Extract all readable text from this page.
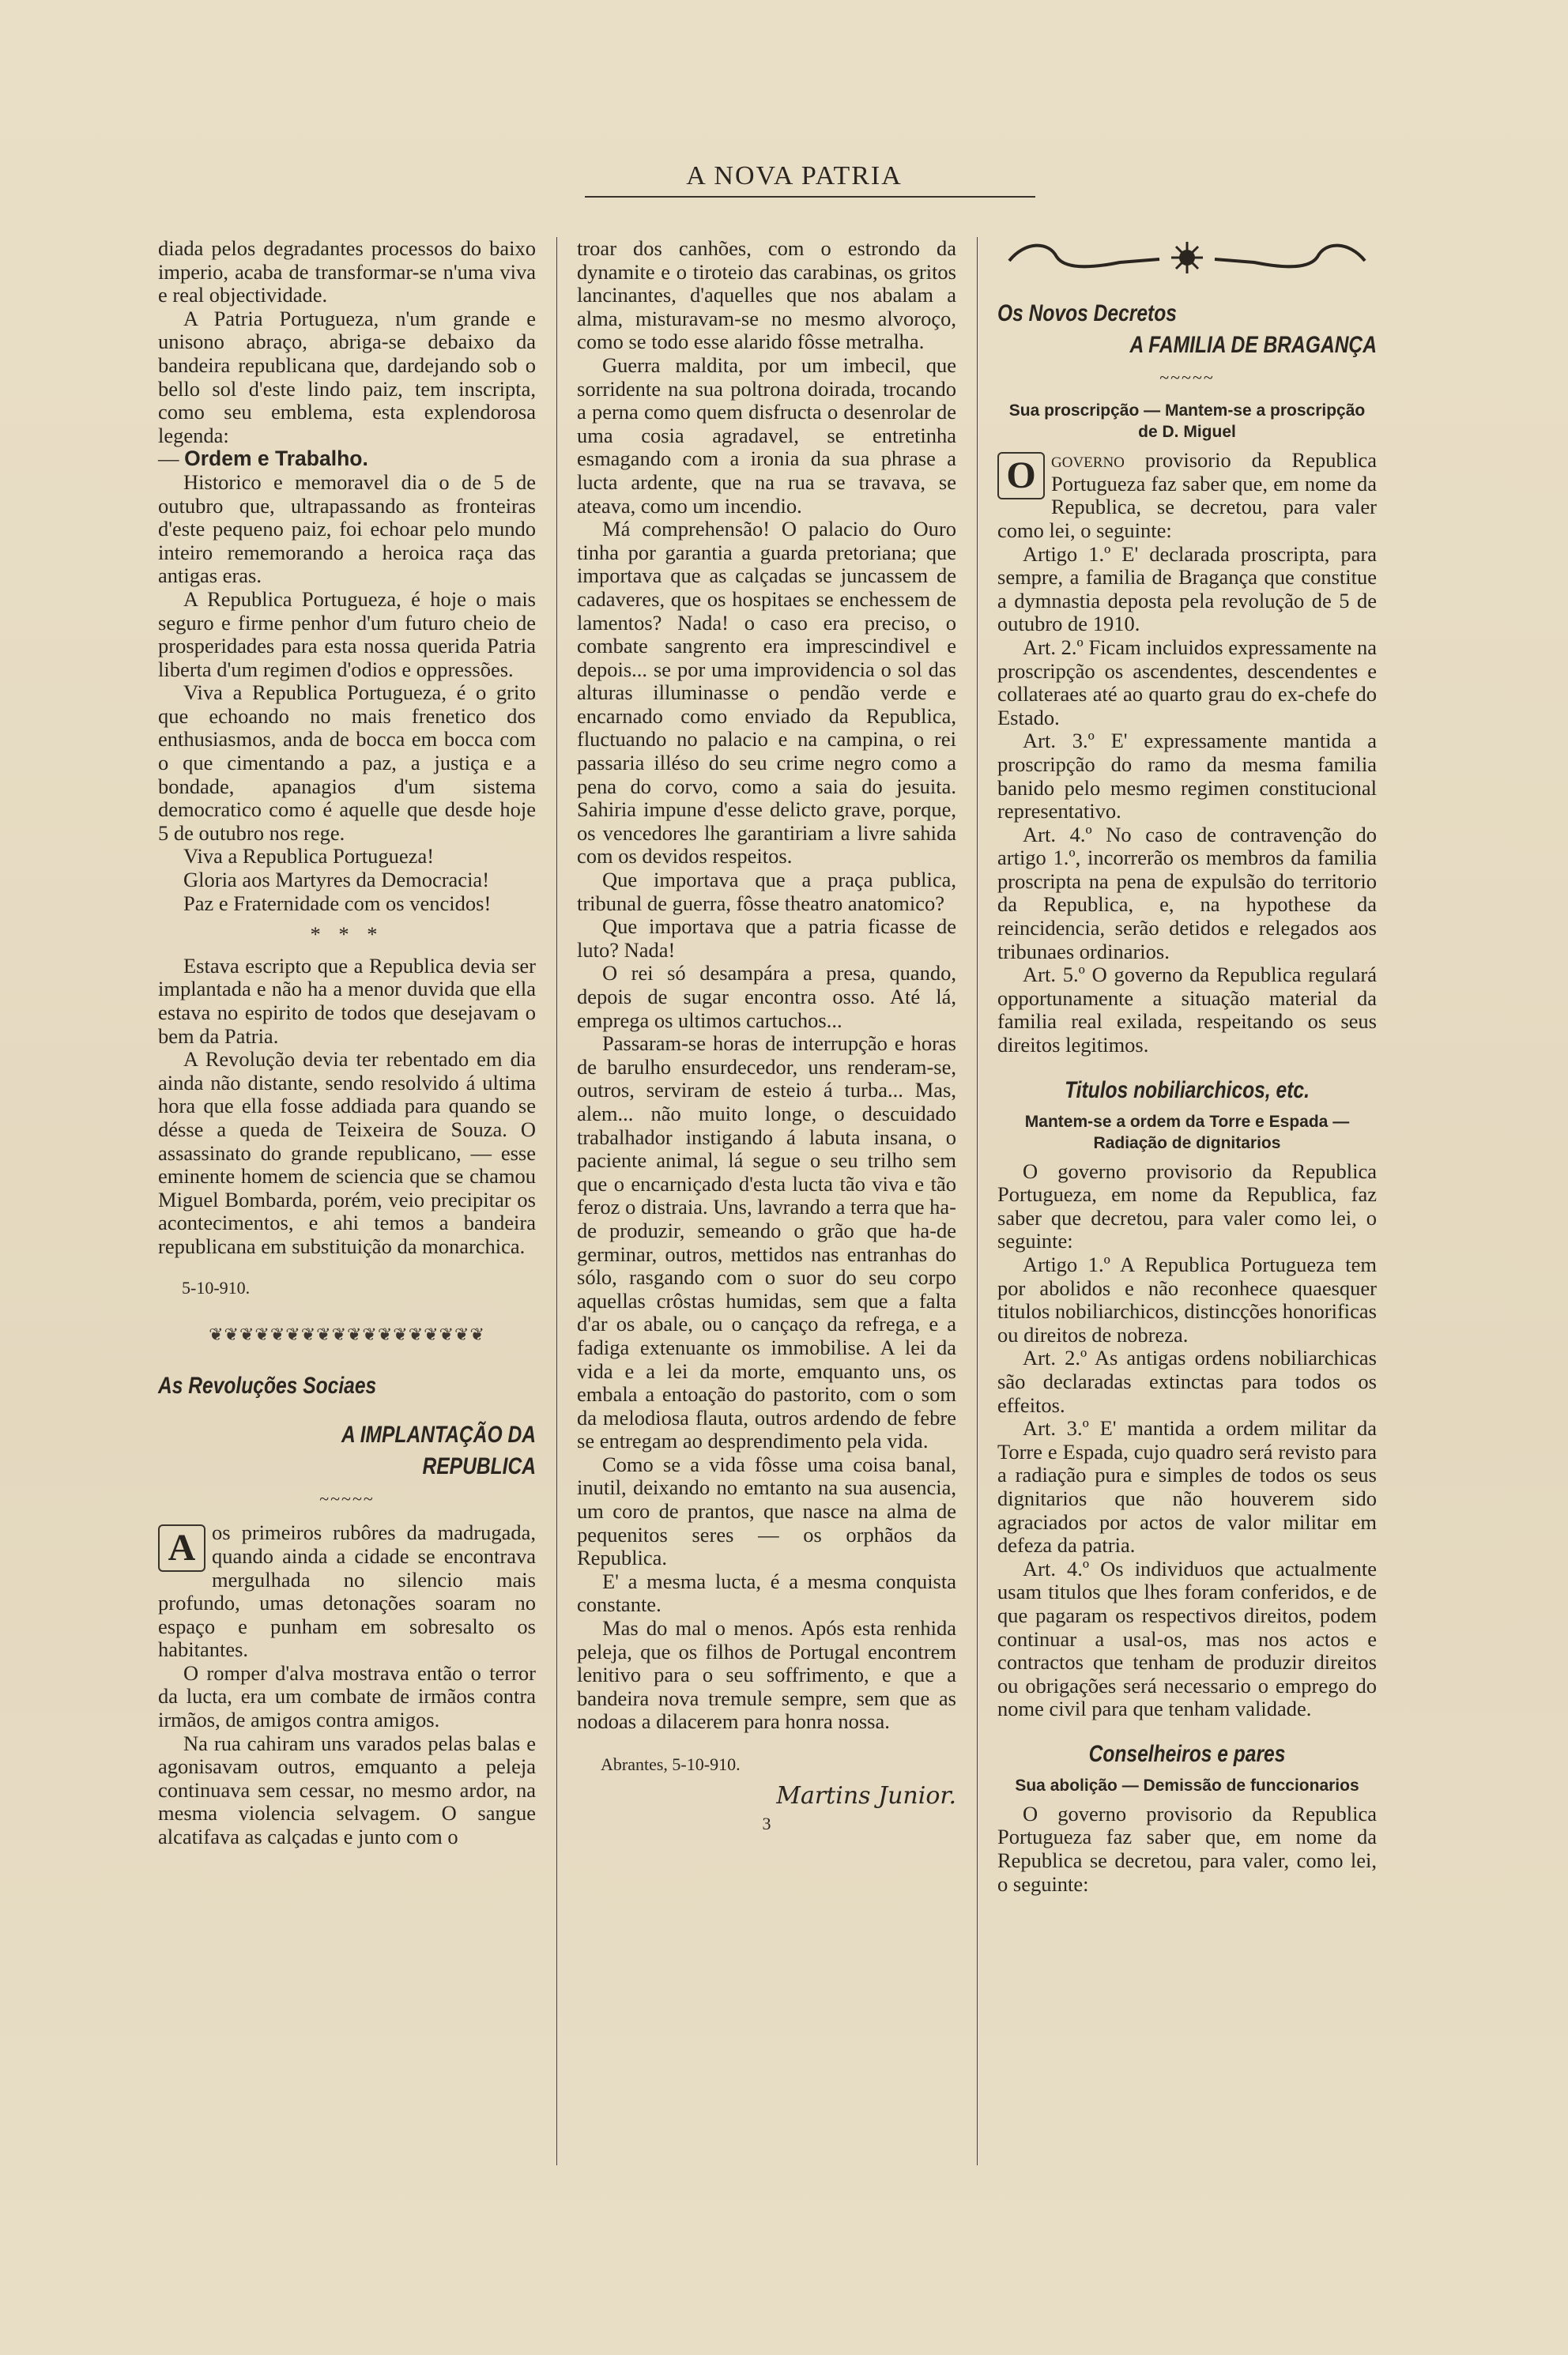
A NOVA PATRIA

diada pelos degradantes processos do baixo imperio, acaba de transformar-se n'uma viva e real objectividade.

A Patria Portugueza, n'um grande e unisono abraço, abriga-se debaixo da bandeira republicana que, dardejando sob o bello sol d'este lindo paiz, tem inscripta, como seu emblema, esta explendorosa legenda:

— Ordem e Trabalho.

Historico e memoravel dia o de 5 de outubro que, ultrapassando as fronteiras d'este pequeno paiz, foi echoar pelo mundo inteiro rememorando a heroica raça das antigas eras.

A Republica Portugueza, é hoje o mais seguro e firme penhor d'um futuro cheio de prosperidades para esta nossa querida Patria liberta d'um regimen d'odios e oppressões.

Viva a Republica Portugueza, é o grito que echoando no mais frenetico dos enthusiasmos, anda de bocca em bocca com o que cimentando a paz, a justiça e a bondade, apanagios d'um sistema democratico como é aquelle que desde hoje 5 de outubro nos rege.

Viva a Republica Portugueza!

Gloria aos Martyres da Democracia!

Paz e Fraternidade com os vencidos!

* * *

Estava escripto que a Republica devia ser implantada e não ha a menor duvida que ella estava no espirito de todos que desejavam o bem da Patria.

A Revolução devia ter rebentado em dia ainda não distante, sendo resolvido á ultima hora que ella fosse addiada para quando se désse a queda de Teixeira de Souza. O assassinato do grande republicano, — esse eminente homem de sciencia que se chamou Miguel Bombarda, porém, veio precipitar os acontecimentos, e ahi temos a bandeira republicana em substituição da monarchica.

5-10-910.
❦❦❦❦❦❦❦❦❦❦❦❦❦❦❦❦❦❦
As Revoluções Sociaes
A IMPLANTAÇÃO DA REPUBLICA
~~~~~
A os primeiros rubôres da madrugada, quando ainda a cidade se encontrava mergulhada no silencio mais profundo, umas detonações soaram no espaço e punham em sobresalto os habitantes.

O romper d'alva mostrava então o terror da lucta, era um combate de irmãos contra irmãos, de amigos contra amigos.

Na rua cahiram uns varados pelas balas e agonisavam outros, emquanto a peleja continuava sem cessar, no mesmo ardor, na mesma violencia selvagem. O sangue alcatifava as calçadas e junto com o

troar dos canhões, com o estrondo da dynamite e o tiroteio das carabinas, os gritos lancinantes, d'aquelles que nos abalam a alma, misturavam-se no mesmo alvoroço, como se todo esse alarido fôsse metralha.

Guerra maldita, por um imbecil, que sorridente na sua poltrona doirada, trocando a perna como quem disfructa o desenrolar de uma cosia agradavel, se entretinha esmagando com a ironia da sua phrase a lucta ardente, que na rua se travava, se ateava, como um incendio.

Má comprehensão! O palacio do Ouro tinha por garantia a guarda pretoriana; que importava que as calçadas se juncassem de cadaveres, que os hospitaes se enchessem de lamentos? Nada! o caso era preciso, o combate sangrento era imprescindivel e depois... se por uma improvidencia o sol das alturas illuminasse o pendão verde e encarnado como enviado da Republica, fluctuando no palacio e na campina, o rei passaria illéso do seu crime negro como a pena do corvo, como a saia do jesuita. Sahiria impune d'esse delicto grave, porque, os vencedores lhe garantiriam a livre sahida com os devidos respeitos.

Que importava que a praça publica, tribunal de guerra, fôsse theatro anatomico?

Que importava que a patria ficasse de luto? Nada!

O rei só desampára a presa, quando, depois de sugar encontra osso. Até lá, emprega os ultimos cartuchos...

Passaram-se horas de interrupção e horas de barulho ensurdecedor, uns renderam-se, outros, serviram de esteio á turba... Mas, alem... não muito longe, o descuidado trabalhador instigando á labuta insana, o paciente animal, lá segue o seu trilho sem que o encarniçado d'esta lucta tão viva e tão feroz o distraia. Uns, lavrando a terra que ha-de produzir, semeando o grão que ha-de germinar, outros, mettidos nas entranhas do sólo, rasgando com o suor do seu corpo aquellas crôstas humidas, sem que a falta d'ar os abale, ou o cançaço da refrega, e a fadiga extenuante os immobilise. A lei da vida e a lei da morte, emquanto uns, os embala a entoação do pastorito, com o som da melodiosa flauta, outros ardendo de febre se entregam ao desprendimento pela vida.

Como se a vida fôsse uma coisa banal, inutil, deixando no emtanto na sua ausencia, um coro de prantos, que nasce na alma de pequenitos seres — os orphãos da Republica.

E' a mesma lucta, é a mesma conquista constante.

Mas do mal o menos. Após esta renhida peleja, que os filhos de Portugal encontrem lenitivo para o seu soffrimento, e que a bandeira nova tremule sempre, sem que as nodoas a dilacerem para honra nossa.

Abrantes, 5-10-910.
Martins Junior.
3
Os Novos Decretos
A FAMILIA DE BRAGANÇA
~~~~~
Sua proscripção — Mantem-se a proscripção de D. Miguel
O governo provisorio da Republica Portugueza faz saber que, em nome da Republica, se decretou, para valer como lei, o seguinte:

Artigo 1.º E' declarada proscripta, para sempre, a familia de Bragança que constitue a dymnastia deposta pela revolução de 5 de outubro de 1910.

Art. 2.º Ficam incluidos expressamente na proscripção os ascendentes, descendentes e collateraes até ao quarto grau do ex-chefe do Estado.

Art. 3.º E' expressamente mantida a proscripção do ramo da mesma familia banido pelo mesmo regimen constitucional representativo.

Art. 4.º No caso de contravenção do artigo 1.º, incorrerão os membros da familia proscripta na pena de expulsão do territorio da Republica, e, na hypothese da reincidencia, serão detidos e relegados aos tribunaes ordinarios.

Art. 5.º O governo da Republica regulará opportunamente a situação material da familia real exilada, respeitando os seus direitos legitimos.

Titulos nobiliarchicos, etc.
Mantem-se a ordem da Torre e Espada — Radiação de dignitarios

O governo provisorio da Republica Portugueza, em nome da Republica, faz saber que decretou, para valer como lei, o seguinte:

Artigo 1.º A Republica Portugueza tem por abolidos e não reconhece quaesquer titulos nobiliarchicos, distincções honorificas ou direitos de nobreza.

Art. 2.º As antigas ordens nobiliarchicas são declaradas extinctas para todos os effeitos.

Art. 3.º E' mantida a ordem militar da Torre e Espada, cujo quadro será revisto para a radiação pura e simples de todos os seus dignitarios que não houverem sido agraciados por actos de valor militar em defeza da patria.

Art. 4.º Os individuos que actualmente usam titulos que lhes foram conferidos, e de que pagaram os respectivos direitos, podem continuar a usal-os, mas nos actos e contractos que tenham de produzir direitos ou obrigações será necessario o emprego do nome civil para que tenham validade.

Conselheiros e pares
Sua abolição — Demissão de funccionarios

O governo provisorio da Republica Portugueza faz saber que, em nome da Republica se decretou, para valer, como lei, o seguinte:
